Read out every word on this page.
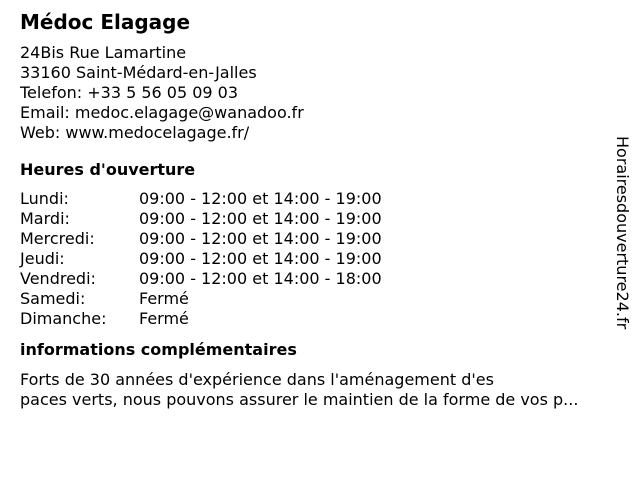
Médoc Elagage
24Bis Rue Lamartine
33160 Saint-Médard-en-Jalles
Telefon: +33 5 56 05 09 03
Email: medoc.elagage@wanadoo.fr
Web: www.medocelagage.fr/
Heures d'ouverture
Lundi:	09:00 - 12:00 et 14:00 - 19:00
Mardi:	09:00 - 12:00 et 14:00 - 19:00
Mercredi:	09:00 - 12:00 et 14:00 - 19:00
Jeudi:	09:00 - 12:00 et 14:00 - 19:00
Vendredi:	09:00 - 12:00 et 14:00 - 18:00
Samedi:	Fermé
Dimanche:	Fermé
informations complémentaires
Forts de 30 années d'expérience dans l'aménagement d'es
paces verts, nous pouvons assurer le maintien de la forme de vos p...
Horairesdouverture24.fr
